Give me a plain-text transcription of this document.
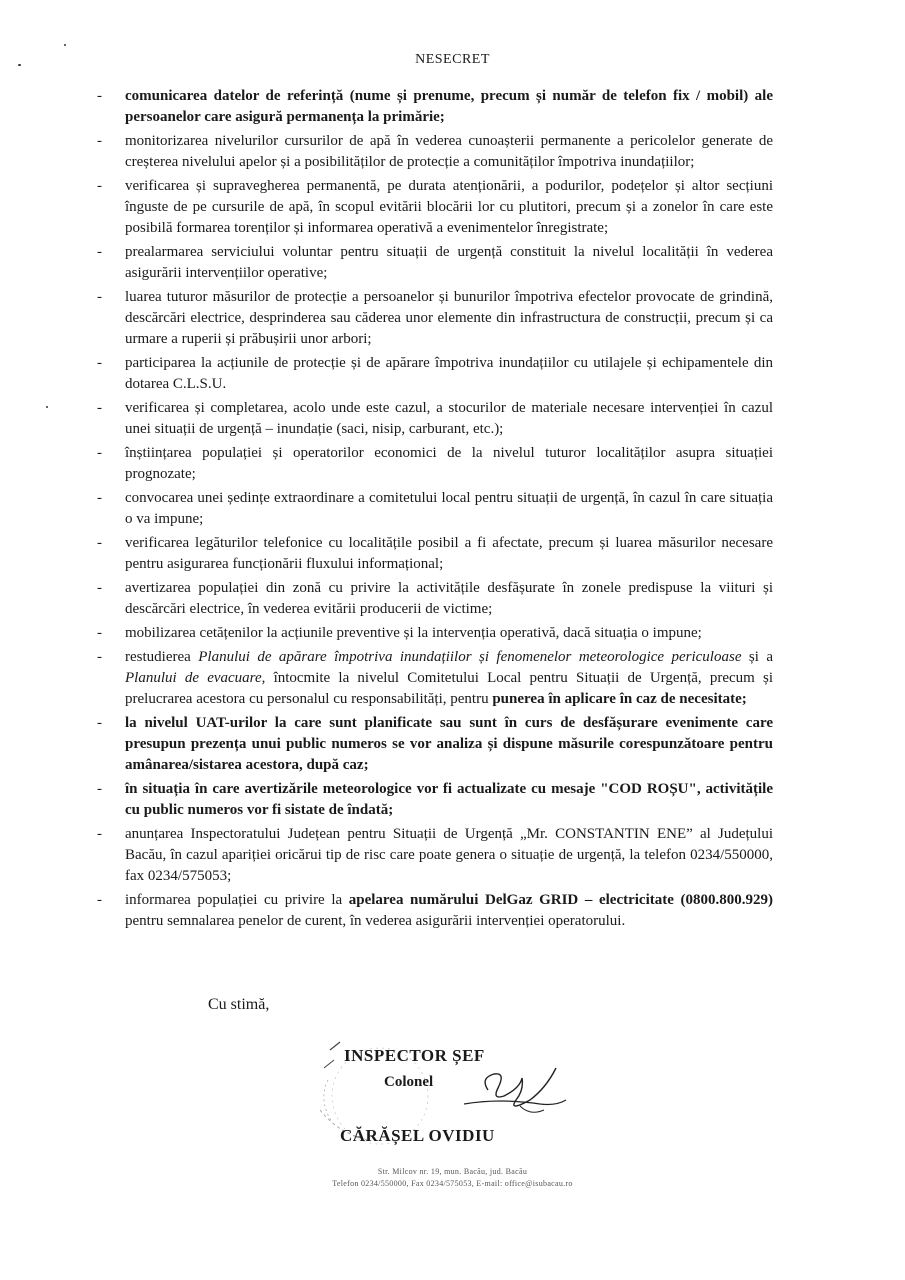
NESECRET
-	comunicarea datelor de referință (nume și prenume, precum și număr de telefon fix / mobil) ale persoanelor care asigură permanența la primărie;
-	monitorizarea nivelurilor cursurilor de apă în vederea cunoașterii permanente a pericolelor generate de creșterea nivelului apelor și a posibilităților de protecție a comunităților împotriva inundațiilor;
-	verificarea și supravegherea permanentă, pe durata atenționării, a podurilor, podețelor și altor secțiuni înguste de pe cursurile de apă, în scopul evitării blocării lor cu plutitori, precum și a zonelor în care este posibilă formarea torenților și informarea operativă a evenimentelor înregistrate;
-	prealarmarea serviciului voluntar pentru situații de urgență constituit la nivelul localității în vederea asigurării intervențiilor operative;
-	luarea tuturor măsurilor de protecție a persoanelor și bunurilor împotriva efectelor provocate de grindină, descărcări electrice, desprinderea sau căderea unor elemente din infrastructura de construcții, precum și ca urmare a ruperii și prăbușirii unor arbori;
-	participarea la acțiunile de protecție și de apărare împotriva inundațiilor cu utilajele și echipamentele din dotarea C.L.S.U.
-	verificarea și completarea, acolo unde este cazul, a stocurilor de materiale necesare intervenției în cazul unei situații de urgență – inundație (saci, nisip, carburant, etc.);
-	înștiințarea populației și operatorilor economici de la nivelul tuturor localităților asupra situației prognozate;
-	convocarea unei ședințe extraordinare a comitetului local pentru situații de urgență, în cazul în care situația o va impune;
-	verificarea legăturilor telefonice cu localitățile posibil a fi afectate, precum și luarea măsurilor necesare pentru asigurarea funcționării fluxului informațional;
-	avertizarea populației din zonă cu privire la activitățile desfășurate în zonele predispuse la viituri și descărcări electrice, în vederea evitării producerii de victime;
-	mobilizarea cetățenilor la acțiunile preventive și la intervenția operativă, dacă situația o impune;
-	restudierea Planului de apărare împotriva inundațiilor și fenomenelor meteorologice periculoase și a Planului de evacuare, întocmite la nivelul Comitetului Local pentru Situații de Urgență, precum și prelucrarea acestora cu personalul cu responsabilități, pentru punerea în aplicare în caz de necesitate;
-	la nivelul UAT-urilor la care sunt planificate sau sunt în curs de desfășurare evenimente care presupun prezența unui public numeros se vor analiza și dispune măsurile corespunzătoare pentru amânarea/sistarea acestora, după caz;
-	în situația în care avertizările meteorologice vor fi actualizate cu mesaje "COD ROȘU", activitățile cu public numeros vor fi sistate de îndată;
-	anunțarea Inspectoratului Județean pentru Situații de Urgență „Mr. CONSTANTIN ENE” al Județului Bacău, în cazul apariției oricărui tip de risc care poate genera o situație de urgență, la telefon 0234/550000, fax 0234/575053;
-	informarea populației cu privire la apelarea numărului DelGaz GRID – electricitate (0800.800.929) pentru semnalarea penelor de curent, în vederea asigurării intervenției operatorului.
Cu stimă,
INSPECTOR ȘEF
Colonel
CĂRĂȘEL OVIDIU
Str. Milcov nr. 19, mun. Bacău, jud. Bacău
Telefon 0234/550000, Fax 0234/575053, E-mail: office@isubacau.ro
